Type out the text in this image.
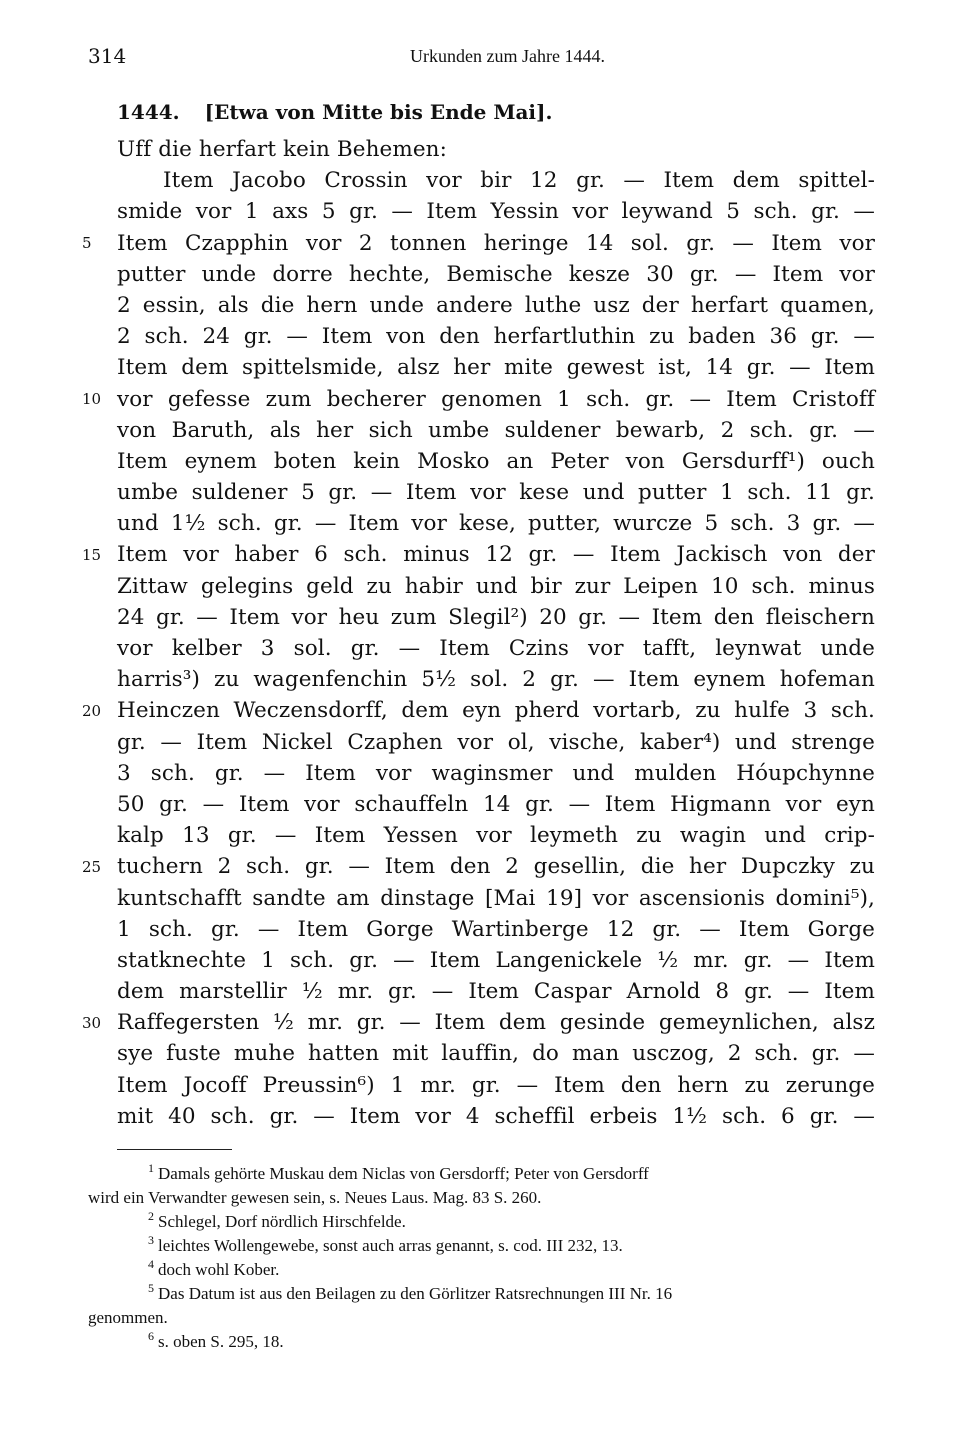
314	Urkunden zum Jahre 1444.
1444. [Etwa von Mitte bis Ende Mai].
5
10
15
20
25
30
Uff die herfart kein Behemen:
Item Jacobo Crossin vor bir 12 gr. — Item dem spittel-
smide vor 1 axs 5 gr. — Item Yessin vor leywand 5 sch. gr. —
Item Czapphin vor 2 tonnen heringe 14 sol. gr. — Item vor
putter unde dorre hechte, Bemische kesze 30 gr. — Item vor
2 essin, als die hern unde andere luthe usz der herfart quamen,
2 sch. 24 gr. — Item von den herfartluthin zu baden 36 gr. —
Item dem spittelsmide, alsz her mite gewest ist, 14 gr. — Item
vor gefesse zum becherer genomen 1 sch. gr. — Item Cristoff
von Baruth, als her sich umbe suldener bewarb, 2 sch. gr. —
Item eynem boten kein Mosko an Peter von Gersdurff¹) ouch
umbe suldener 5 gr. — Item vor kese und putter 1 sch. 11 gr.
und 1½ sch. gr. — Item vor kese, putter, wurcze 5 sch. 3 gr. —
Item vor haber 6 sch. minus 12 gr. — Item Jackisch von der
Zittaw gelegins geld zu habir und bir zur Leipen 10 sch. minus
24 gr. — Item vor heu zum Slegil²) 20 gr. — Item den fleischern
vor kelber 3 sol. gr. — Item Czins vor tafft, leynwat unde
harris³) zu wagenfenchin 5½ sol. 2 gr. — Item eynem hofeman
Heinczen Weczensdorff, dem eyn pherd vortarb, zu hulfe 3 sch.
gr. — Item Nickel Czaphen vor ol, vische, kaber⁴) und strenge
3 sch. gr. — Item vor waginsmer und mulden Hóupchynne
50 gr. — Item vor schauffeln 14 gr. — Item Higmann vor eyn
kalp 13 gr. — Item Yessen vor leymeth zu wagin und crip-
tuchern 2 sch. gr. — Item den 2 gesellin, die her Dupczky zu
kuntschafft sandte am dinstage [Mai 19] vor ascensionis domini⁵),
1 sch. gr. — Item Gorge Wartinberge 12 gr. — Item Gorge
statknechte 1 sch. gr. — Item Langenickele ½ mr. gr. — Item
dem marstellir ½ mr. gr. — Item Caspar Arnold 8 gr. — Item
Raffegersten ½ mr. gr. — Item dem gesinde gemeynlichen, alsz
sye fuste muhe hatten mit lauffin, do man usczog, 2 sch. gr. —
Item Jocoff Preussin⁶) 1 mr. gr. — Item den hern zu zerunge
mit 40 sch. gr. — Item vor 4 scheffil erbeis 1½ sch. 6 gr. —
$^1$ Damals gehörte Muskau dem Niclas von Gersdorff; Peter von Gersdorff
wird ein Verwandter gewesen sein, s. Neues Laus. Mag. 83 S. 260.
$^2$ Schlegel, Dorf nördlich Hirschfelde.
$^3$ leichtes Wollengewebe, sonst auch arras genannt, s. cod. III 232, 13.
$^4$ doch wohl Kober.
$^5$ Das Datum ist aus den Beilagen zu den Görlitzer Ratsrechnungen III Nr. 16
genommen.
$^6$ s. oben S. 295, 18.
